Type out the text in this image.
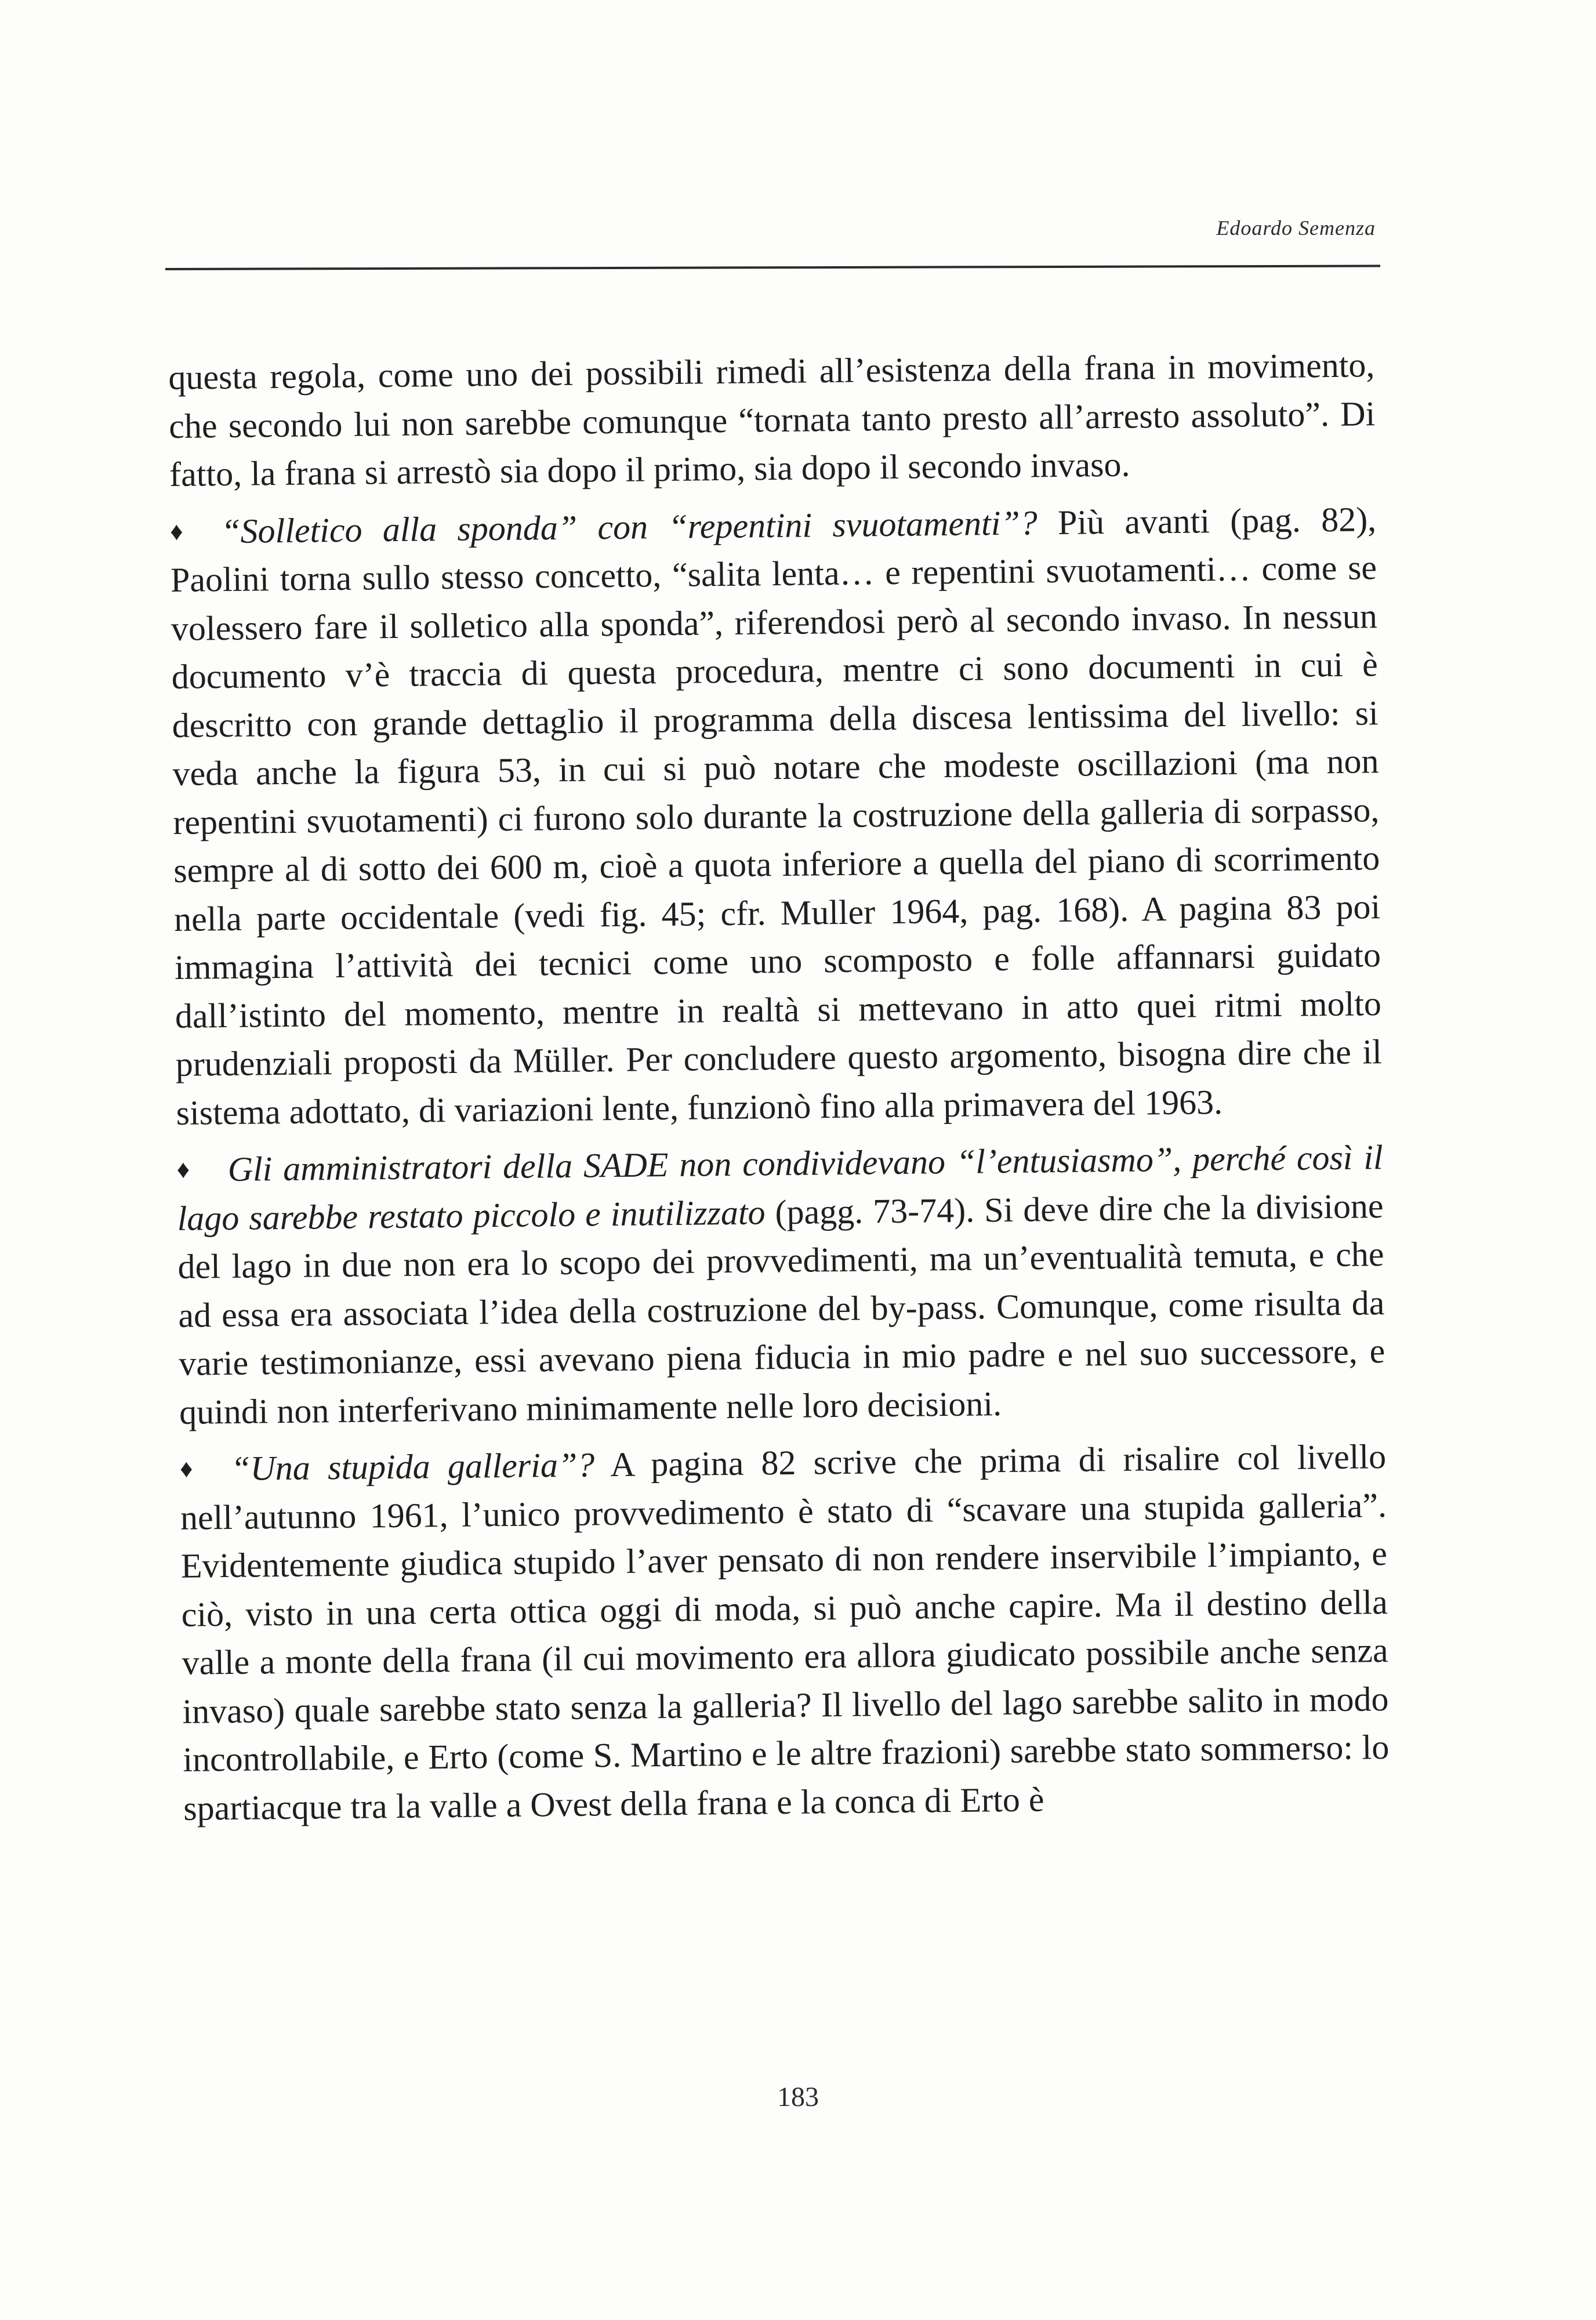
Edoardo Semenza

questa regola, come uno dei possibili rimedi all’esistenza della frana in movimento, che secondo lui non sarebbe comunque “tornata tanto presto all’arresto assoluto”. Di fatto, la frana si arrestò sia dopo il primo, sia dopo il secondo invaso.

♦ “Solletico alla sponda” con “repentini svuotamenti”? Più avanti (pag. 82), Paolini torna sullo stesso concetto, “salita lenta… e repentini svuotamenti… come se volessero fare il solletico alla sponda”, riferendosi però al secondo invaso. In nessun documento v’è traccia di questa procedura, mentre ci sono documenti in cui è descritto con grande dettaglio il programma della discesa lentissima del livello: si veda anche la figura 53, in cui si può notare che modeste oscillazioni (ma non repentini svuotamenti) ci furono solo durante la costruzione della galleria di sorpasso, sempre al di sotto dei 600 m, cioè a quota inferiore a quella del piano di scorrimento nella parte occidentale (vedi fig. 45; cfr. Muller 1964, pag. 168). A pagina 83 poi immagina l’attività dei tecnici come uno scomposto e folle affannarsi guidato dall’istinto del momento, mentre in realtà si mettevano in atto quei ritmi molto prudenziali proposti da Müller. Per concludere questo argomento, bisogna dire che il sistema adottato, di variazioni lente, funzionò fino alla primavera del 1963.

♦ Gli amministratori della SADE non condividevano “l’entusiasmo”, perché così il lago sarebbe restato piccolo e inutilizzato (pagg. 73-74). Si deve dire che la divisione del lago in due non era lo scopo dei provvedimenti, ma un’eventualità temuta, e che ad essa era associata l’idea della costruzione del by-pass. Comunque, come risulta da varie testimonianze, essi avevano piena fiducia in mio padre e nel suo successore, e quindi non interferivano minimamente nelle loro decisioni.

♦ “Una stupida galleria”? A pagina 82 scrive che prima di risalire col livello nell’autunno 1961, l’unico provvedimento è stato di “scavare una stupida galleria”. Evidentemente giudica stupido l’aver pensato di non rendere inservibile l’impianto, e ciò, visto in una certa ottica oggi di moda, si può anche capire. Ma il destino della valle a monte della frana (il cui movimento era allora giudicato possibile anche senza invaso) quale sarebbe stato senza la galleria? Il livello del lago sarebbe salito in modo incontrollabile, e Erto (come S. Martino e le altre frazioni) sarebbe stato sommerso: lo spartiacque tra la valle a Ovest della frana e la conca di Erto è

183
